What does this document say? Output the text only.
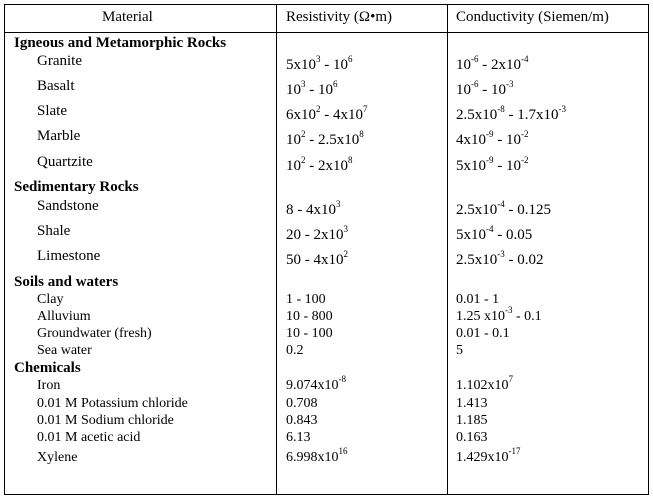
Material	Resistivity (Ω•m)	Conductivity (Siemen/m)
Igneous and Metamorphic Rocks
Granite	$5x10^3 - 10^6$	$10^{-6} - 2x10^{-4}$
Basalt	$10^3 - 10^6$	$10^{-6} - 10^{-3}$
Slate	$6x10^2 - 4x10^7$	$2.5x10^{-8} - 1.7x10^{-3}$
Marble	$10^2 - 2.5x10^8$	$4x10^{-9} - 10^{-2}$
Quartzite	$10^2 - 2x10^8$	$5x10^{-9} - 10^{-2}$
Sedimentary Rocks
Sandstone	$8 - 4x10^3$	$2.5x10^{-4} - 0.125$
Shale	$20 - 2x10^3$	$5x10^{-4} - 0.05$
Limestone	$50 - 4x10^2$	$2.5x10^{-3} - 0.02$
Soils and waters
Clay	1 - 100	0.01 - 1
Alluvium	10 - 800	1.25 $x10^{-3} - 0.1$
Groundwater (fresh)	10 - 100	0.01 - 0.1
Sea water	0.2	5
Chemicals
Iron	$9.074x10^{-8}$	$1.102x10^7$
0.01 M Potassium chloride	0.708	1.413
0.01 M Sodium chloride	0.843	1.185
0.01 M acetic acid	6.13	0.163
Xylene	$6.998x10^{16}$	$1.429x10^{-17}$
